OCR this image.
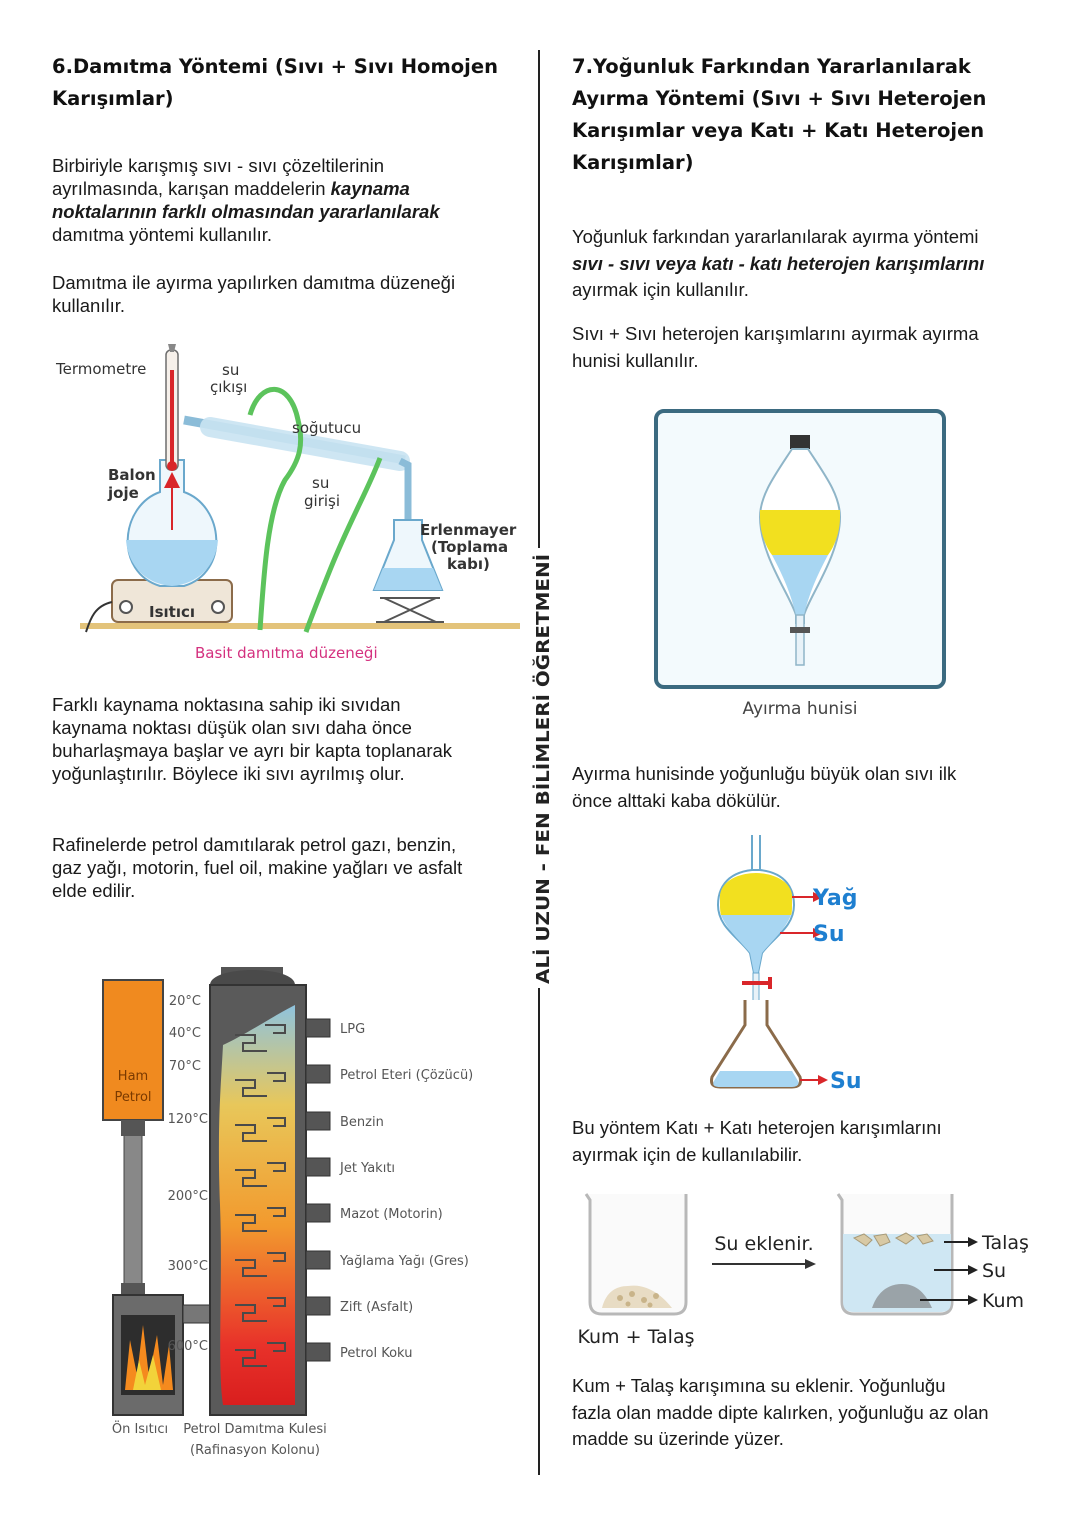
6.Damıtma Yöntemi (Sıvı + Sıvı Homojen
Karışımlar)
Birbiriyle karışmış sıvı - sıvı çözeltilerinin
ayrılmasında, karışan maddelerin kaynama
noktalarının farklı olmasından yararlanılarak
damıtma yöntemi kullanılır.
Damıtma ile ayırma yapılırken damıtma düzeneği
kullanılır.
Isıtıcı
Termometre	su
çıkışı
soğutucu
su
girişi
Balon
joje
Erlenmayer
(Toplama
kabı)
Basit damıtma düzeneği
Farklı kaynama noktasına sahip iki sıvıdan
kaynama noktası düşük olan sıvı daha önce
buharlaşmaya başlar ve ayrı bir kapta toplanarak
yoğunlaştırılır. Böylece iki sıvı ayrılmış olur.
Rafinelerde petrol damıtılarak petrol gazı, benzin,
gaz yağı, motorin, fuel oil, makine yağları ve asfalt
elde edilir.
Ham
Petrol
20°C
40°C
70°C
120°C
200°C
300°C
600°C
LPG
Petrol Eteri (Çözücü)
Benzin
Jet Yakıtı
Mazot (Motorin)
Yağlama Yağı (Gres)
Zift (Asfalt)
Petrol Koku
Ön Isıtıcı Petrol Damıtma Kulesi
(Rafinasyon Kolonu)
ALİ UZUN - FEN BİLİMLERİ ÖĞRETMENİ
7.Yoğunluk Farkından Yararlanılarak
Ayırma Yöntemi (Sıvı + Sıvı Heterojen
Karışımlar veya Katı + Katı Heterojen
Karışımlar)
Yoğunluk farkından yararlanılarak ayırma yöntemi
sıvı - sıvı veya katı - katı heterojen karışımlarını
ayırmak için kullanılır.
Sıvı + Sıvı heterojen karışımlarını ayırmak ayırma
hunisi kullanılır.
Ayırma hunisi
Ayırma hunisinde yoğunluğu büyük olan sıvı ilk
önce alttaki kaba dökülür.
Yağ
Su
Su
Bu yöntem Katı + Katı heterojen karışımlarını
ayırmak için de kullanılabilir.
Kum + Talaş
Su eklenir.	Talaş
Su
Kum
Kum + Talaş karışımına su eklenir. Yoğunluğu
fazla olan madde dipte kalırken, yoğunluğu az olan
madde su üzerinde yüzer.
